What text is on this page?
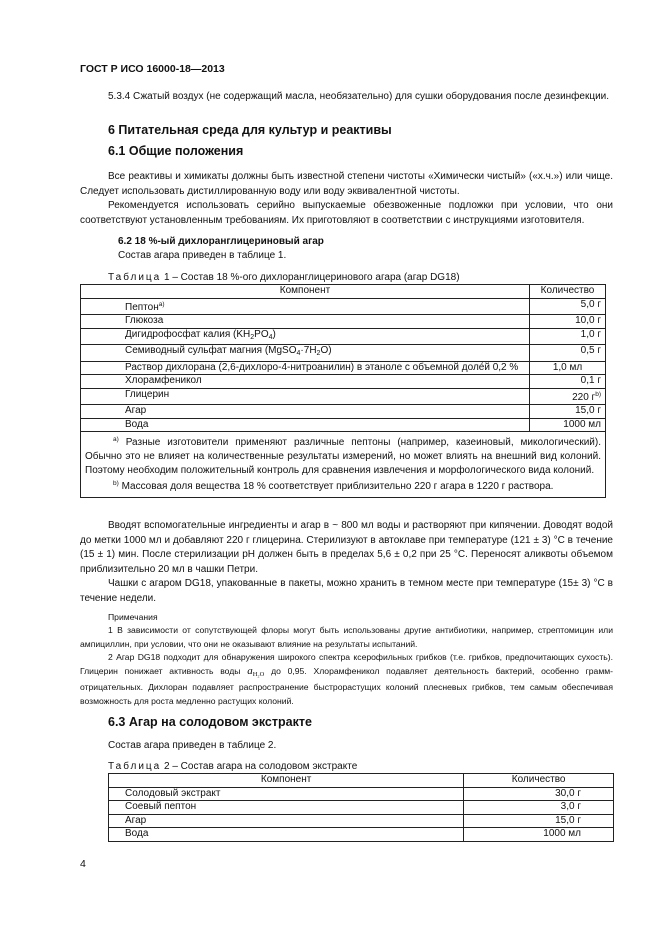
ГОСТ Р ИСО 16000-18—2013
5.3.4 Сжатый воздух (не содержащий масла, необязательно) для сушки оборудования после дезинфекции.
6 Питательная среда для культур и реактивы
6.1 Общие положения
Все реактивы и химикаты должны быть известной степени чистоты «Химически чистый» («х.ч.») или чище. Следует использовать дистиллированную воду или воду эквивалентной чистоты.
Рекомендуется использовать серийно выпускаемые обезвоженные подложки при условии, что они соответствуют установленным требованиям. Их приготовляют в соответствии с инструкциями изготовителя.
6.2 18 %-ый дихлоранглицериновый агар
Состав агара приведен в таблице 1.
Таблица 1 – Состав 18 %-ого дихлоранглицеринового агара (агар DG18)
Компонент	Количество
Пептон$^{a)}$	5,0 г
Глюкоза	10,0 г
Дигидрофосфат калия $(KH_2PO_4)$	1,0 г
Семиводный сульфат магния $(MgSO_4\cdot 7H_2O)$	0,5 г
Раствор дихлорана (2,6-дихлоро-4-нитроанилин) в этаноле с объемной доле́й 0,2 %	1,0 мл
Хлорамфеникол	0,1 г
Глицерин	220 $г^{b)}$
Агар	15,0 г
Вода	1000 мл

$^{a)}$ Разные изготовители применяют различные пептоны (например, казеиновый, микологический). Обычно это не влияет на количественные результаты измерений, но может влиять на внешний вид колоний. Поэтому необходим положительный контроль для сравнения извлечения и морфологического вида колоний.
$^{b)}$ Массовая доля вещества 18 % соответствует приблизительно 220 г агара в 1220 г раствора.	
Вводят вспомогательные ингредиенты и агар в ~ 800 мл воды и растворяют при кипячении. Доводят водой до метки 1000 мл и добавляют 220 г глицерина. Стерилизуют в автоклаве при температуре (121 ± 3) °С в течение (15 ± 1) мин. После стерилизации pH должен быть в пределах 5,6 ± 0,2 при 25 °С. Переносят аликвоты объемом приблизительно 20 мл в чашки Петри.
Чашки с агаром DG18, упакованные в пакеты, можно хранить в темном месте при температуре (15± 3) °С в течение недели.
Примечания
1 В зависимости от сопутствующей флоры могут быть использованы другие антибиотики, например, стрептомицин или ампициллин, при условии, что они не оказывают влияние на результаты испытаний.
2 Агар DG18 подходит для обнаружения широкого спектра ксерофильных грибков (т.е. грибков, предпочитающих сухость). Глицерин понижает активность воды aH₂O до 0,95. Хлорамфеникол подавляет деятельность бактерий, особенно грамм-отрицательных. Дихлоран подавляет распространение быстрорастущих колоний плесневых грибков, тем самым обеспечивая возможность для роста медленно растущих колоний.
6.3 Агар на солодовом экстракте
Состав агара приведен в таблице 2.
Таблица 2 – Состав агара на солодовом экстракте
Компонент	Количество
Солодовый экстракт	30,0 г
Соевый пептон	3,0 г
Агар	15,0 г
Вода	1000 мл
4
